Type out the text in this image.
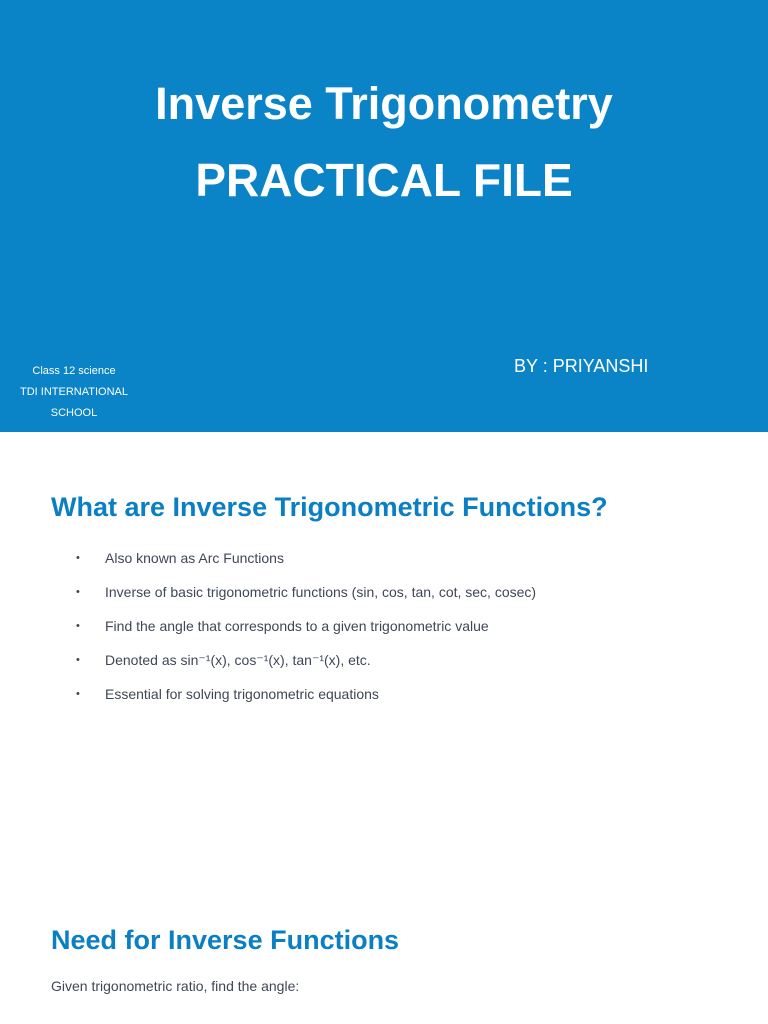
Inverse Trigonometry
PRACTICAL FILE
Class 12 science
TDI INTERNATIONAL
SCHOOL
BY : PRIYANSHI
What are Inverse Trigonometric Functions?
• Also known as Arc Functions
• Inverse of basic trigonometric functions (sin, cos, tan, cot, sec, cosec)
• Find the angle that corresponds to a given trigonometric value
• Denoted as sin⁻¹(x), cos⁻¹(x), tan⁻¹(x), etc.
• Essential for solving trigonometric equations
Need for Inverse Functions

Given trigonometric ratio, find the angle:
